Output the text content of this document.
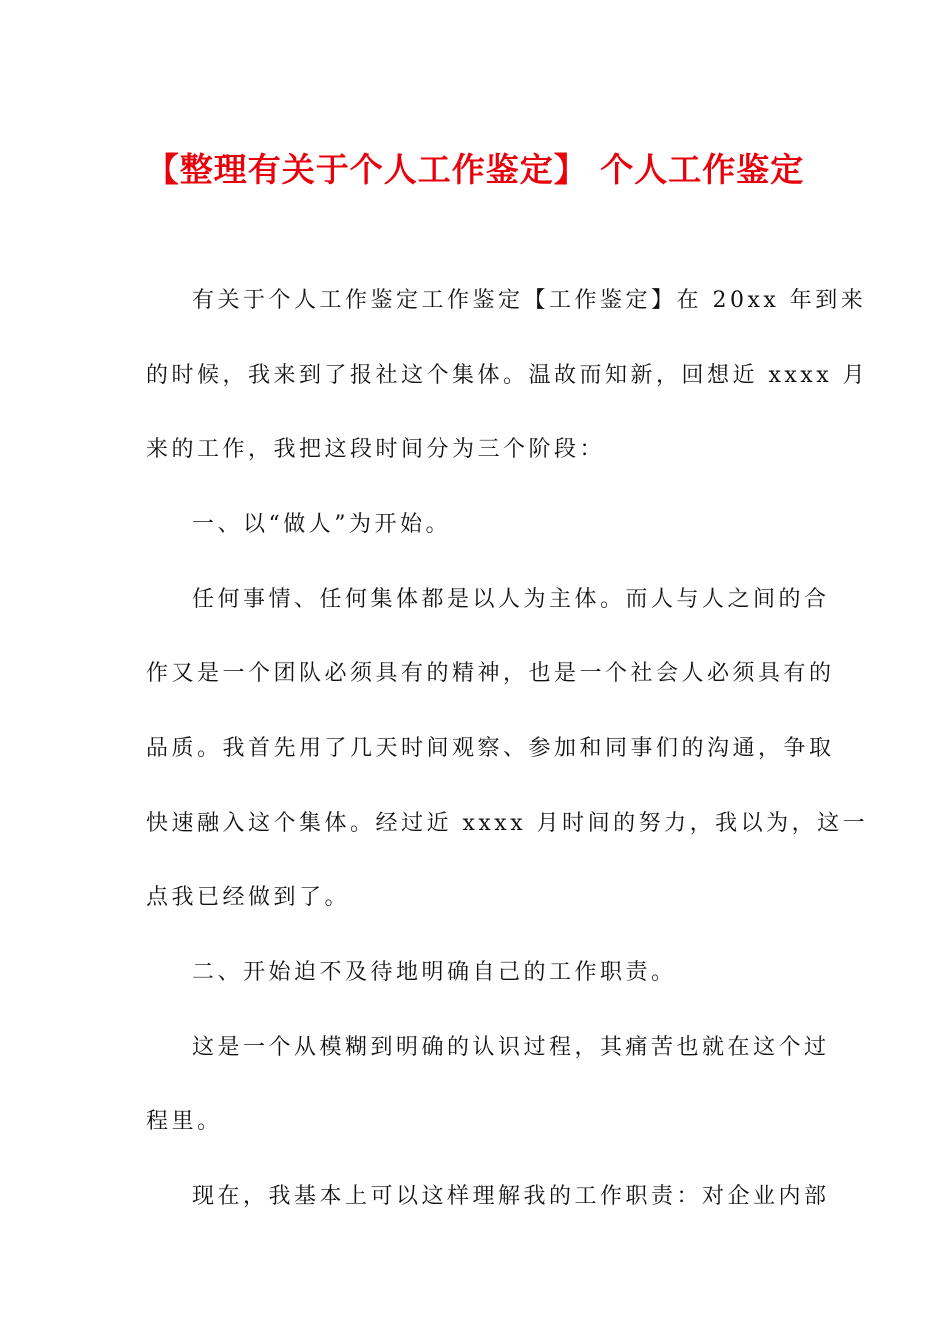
【整理有关于个人工作鉴定】 个人工作鉴定
有关于个人工作鉴定工作鉴定【工作鉴定】在 20xx 年到来
的时候，我来到了报社这个集体。温故而知新，回想近 xxxx 月
来的工作，我把这段时间分为三个阶段：
一、以“做人”为开始。
任何事情、任何集体都是以人为主体。而人与人之间的合
作又是一个团队必须具有的精神，也是一个社会人必须具有的
品质。我首先用了几天时间观察、参加和同事们的沟通，争取
快速融入这个集体。经过近 xxxx 月时间的努力，我以为，这一
点我已经做到了。
二、开始迫不及待地明确自己的工作职责。
这是一个从模糊到明确的认识过程，其痛苦也就在这个过
程里。
现在，我基本上可以这样理解我的工作职责：对企业内部
